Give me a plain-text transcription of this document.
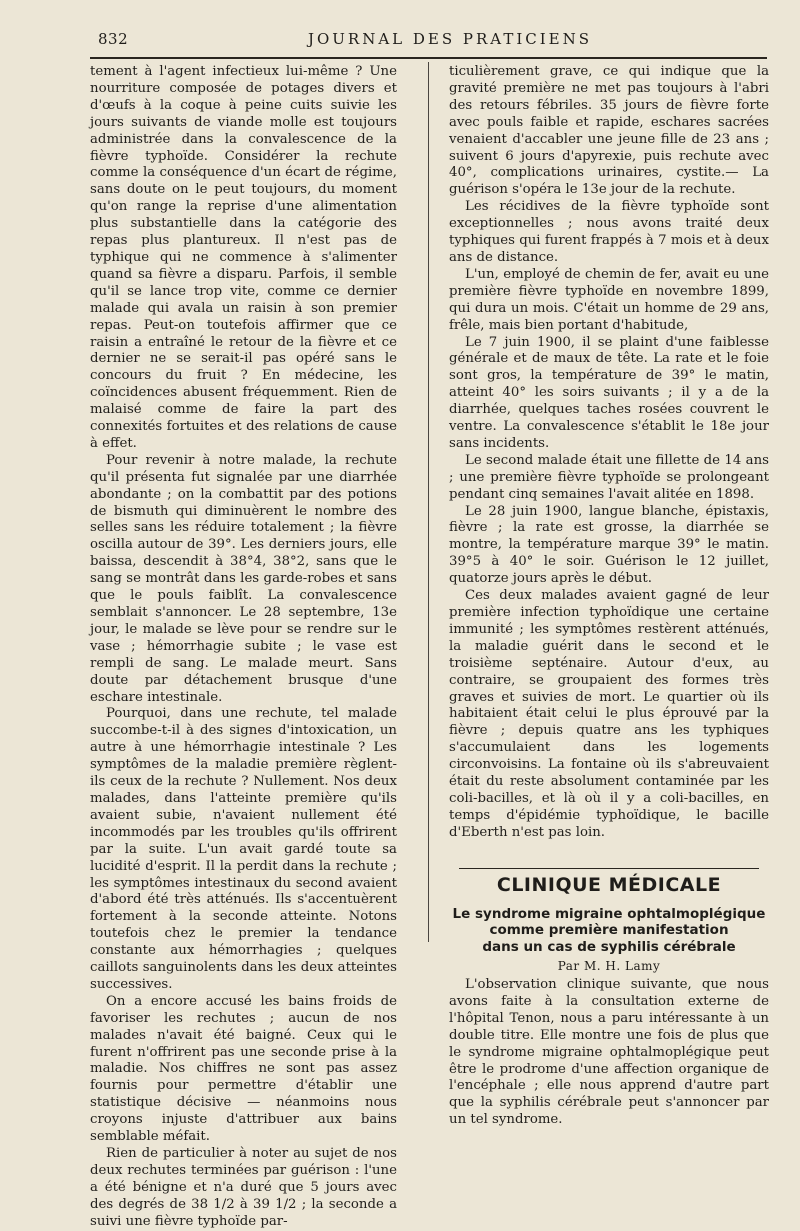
832	JOURNAL DES PRATICIENS

tement à l'agent infectieux lui-même ? Une nourriture composée de potages divers et d'œufs à la coque à peine cuits suivie les jours suivants de viande molle est toujours administrée dans la convalescence de la fièvre typhoïde. Considérer la rechute comme la conséquence d'un écart de régime, sans doute on le peut toujours, du moment qu'on range la reprise d'une alimentation plus substantielle dans la catégorie des repas plus plantureux. Il n'est pas de typhique qui ne commence à s'alimenter quand sa fièvre a disparu. Parfois, il semble qu'il se lance trop vite, comme ce dernier malade qui avala un raisin à son premier repas. Peut-on toutefois affirmer que ce raisin a entraîné le retour de la fièvre et ce dernier ne se serait-il pas opéré sans le concours du fruit ? En médecine, les coïncidences abusent fréquemment. Rien de malaisé comme de faire la part des connexités fortuites et des relations de cause à effet.

Pour revenir à notre malade, la rechute qu'il présenta fut signalée par une diarrhée abondante ; on la combattit par des potions de bismuth qui diminuèrent le nombre des selles sans les réduire totalement ; la fièvre oscilla autour de 39°. Les derniers jours, elle baissa, descendit à 38°4, 38°2, sans que le sang se montrât dans les garde-robes et sans que le pouls faiblît. La convalescence semblait s'annoncer. Le 28 septembre, 13e jour, le malade se lève pour se rendre sur le vase ; hémorrhagie subite ; le vase est rempli de sang. Le malade meurt. Sans doute par détachement brusque d'une eschare intestinale.

Pourquoi, dans une rechute, tel malade succombe-t-il à des signes d'intoxication, un autre à une hémorrhagie intestinale ? Les symptômes de la maladie première règlent-ils ceux de la rechute ? Nullement. Nos deux malades, dans l'atteinte première qu'ils avaient subie, n'avaient nullement été incommodés par les troubles qu'ils offrirent par la suite. L'un avait gardé toute sa lucidité d'esprit. Il la perdit dans la rechute ; les symptômes intestinaux du second avaient d'abord été très atténués. Ils s'accentuèrent fortement à la seconde atteinte. Notons toutefois chez le premier la tendance constante aux hémorrhagies ; quelques caillots sanguinolents dans les deux atteintes successives.

On a encore accusé les bains froids de favoriser les rechutes ; aucun de nos malades n'avait été baigné. Ceux qui le furent n'offrirent pas une seconde prise à la maladie. Nos chiffres ne sont pas assez fournis pour permettre d'établir une statistique décisive — néanmoins nous croyons injuste d'attribuer aux bains semblable méfait.

Rien de particulier à noter au sujet de nos deux rechutes terminées par guérison : l'une a été bénigne et n'a duré que 5 jours avec des degrés de 38 1/2 à 39 1/2 ; la seconde a suivi une fièvre typhoïde par-

ticulièrement grave, ce qui indique que la gravité première ne met pas toujours à l'abri des retours fébriles. 35 jours de fièvre forte avec pouls faible et rapide, eschares sacrées venaient d'accabler une jeune fille de 23 ans ; suivent 6 jours d'apyrexie, puis rechute avec 40°, complications urinaires, cystite.— La guérison s'opéra le 13e jour de la rechute.

Les récidives de la fièvre typhoïde sont exceptionnelles ; nous avons traité deux typhiques qui furent frappés à 7 mois et à deux ans de distance.

L'un, employé de chemin de fer, avait eu une première fièvre typhoïde en novembre 1899, qui dura un mois. C'était un homme de 29 ans, frêle, mais bien portant d'habitude,

Le 7 juin 1900, il se plaint d'une faiblesse générale et de maux de tête. La rate et le foie sont gros, la température de 39° le matin, atteint 40° les soirs suivants ; il y a de la diarrhée, quelques taches rosées couvrent le ventre. La convalescence s'établit le 18e jour sans incidents.

Le second malade était une fillette de 14 ans ; une première fièvre typhoïde se prolongeant pendant cinq semaines l'avait alitée en 1898.

Le 28 juin 1900, langue blanche, épistaxis, fièvre ; la rate est grosse, la diarrhée se montre, la température marque 39° le matin. 39°5 à 40° le soir. Guérison le 12 juillet, quatorze jours après le début.

Ces deux malades avaient gagné de leur première infection typhoïdique une certaine immunité ; les symptômes restèrent atténués, la maladie guérit dans le second et le troisième septénaire. Autour d'eux, au contraire, se groupaient des formes très graves et suivies de mort. Le quartier où ils habitaient était celui le plus éprouvé par la fièvre ; depuis quatre ans les typhiques s'accumulaient dans les logements circonvoisins. La fontaine où ils s'abreuvaient était du reste absolument contaminée par les coli-bacilles, et là où il y a coli-bacilles, en temps d'épidémie typhoïdique, le bacille d'Eberth n'est pas loin.

CLINIQUE MÉDICALE
Le syndrome migraine ophtalmoplégique
comme première manifestation
dans un cas de syphilis cérébrale
Par M. H. Lamy

L'observation clinique suivante, que nous avons faite à la consultation externe de l'hôpital Tenon, nous a paru intéressante à un double titre. Elle montre une fois de plus que le syndrome migraine ophtalmoplégique peut être le prodrome d'une affection organique de l'encéphale ; elle nous apprend d'autre part que la syphilis cérébrale peut s'annoncer par un tel syndrome.
